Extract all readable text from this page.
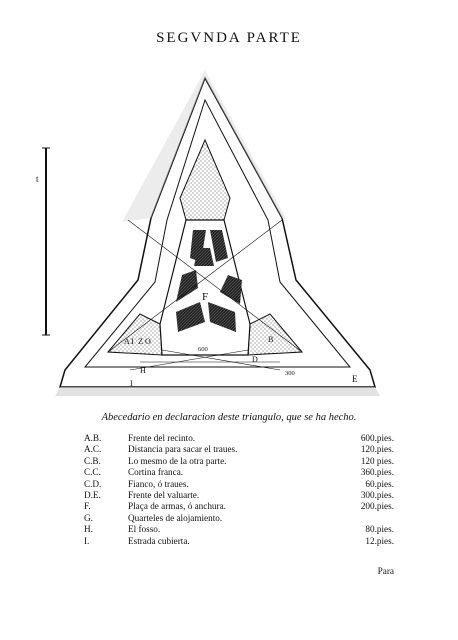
SEGVNDA PARTE
t
A I Z O	B
F	G
D
H
E
I
600
300
Abecedario en declaracion deste triangulo, que se ha hecho.
A.B.	Frente del recinto.	600.pies.
A.C.	Distancia para sacar el traues.	120.pies.
C.B.	Lo mesmo de la otra parte.	120 pies.
C.C.	Cortina franca.	360.pies.
C.D.	Fianco, ó traues.	60.pies.
D.E.	Frente del valuarte.	300.pies.
F.	Plaça de armas, ó anchura.	200.pies.
G.	Quarteles de alojamiento.
H.	El fosso.	80.pies.
I.	Estrada cubierta.	12.pies.
Para
